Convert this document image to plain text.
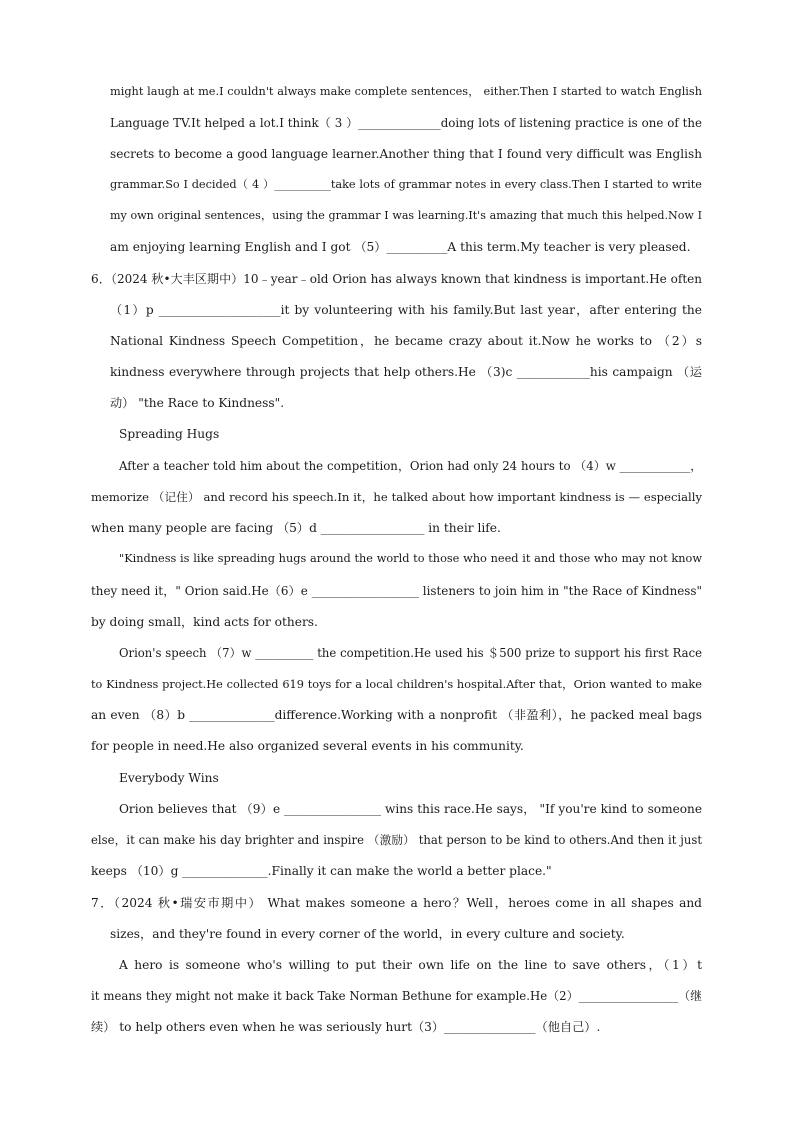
might laugh at me.I couldn't always make complete sentences， either.Then I started to watch English
Language TV.It helped a lot.I think（ 3 ）______________doing lots of listening practice is one of the
secrets to become a good language learner.Another thing that I found very difficult was English
grammar.So I decided（ 4 ）__________take lots of grammar notes in every class.Then I started to write
my own original sentences，using the grammar I was learning.It's amazing that much this helped.Now I
am enjoying learning English and I got （5）__________A this term.My teacher is very pleased.
6．（2024 秋•大丰区期中）10﹣year﹣old Orion has always known that kindness is important.He often
（1）p ____________________it by volunteering with his family.But last year，after entering the
National Kindness Speech Competition，he became crazy about it.Now he works to （2）s
kindness everywhere through projects that help others.He （3)c ____________his campaign （运
动） "the Race to Kindness".
Spreading Hugs
After a teacher told him about the competition，Orion had only 24 hours to （4）w ____________，
memorize （记住） and record his speech.In it，he talked about how important kindness is — especially
when many people are facing （5）d _________________ in their life.
"Kindness is like spreading hugs around the world to those who need it and those who may not know
they need it，" Orion said.He（6）e __________________ listeners to join him in "the Race of Kindness"
by doing small，kind acts for others.
Orion's speech （7）w __________ the competition.He used his ＄500 prize to support his first Race
to Kindness project.He collected 619 toys for a local children's hospital.After that，Orion wanted to make
an even （8）b ______________difference.Working with a nonprofit （非盈利），he packed meal bags
for people in need.He also organized several events in his community.
Everybody Wins
Orion believes that （9）e ________________ wins this race.He says， "If you're kind to someone
else，it can make his day brighter and inspire （激励） that person to be kind to others.And then it just
keeps （10）g ______________.Finally it can make the world a better place."
7．（2024 秋•瑞安市期中） What makes someone a hero？Well，heroes come in all shapes and
sizes，and they're found in every corner of the world，in every culture and society.
A hero is someone who's willing to put their own life on the line to save others，（1）t
it means they might not make it back Take Norman Bethune for example.He（2）_________________（继
续） to help others even when he was seriously hurt（3）_______________（他自己）.
